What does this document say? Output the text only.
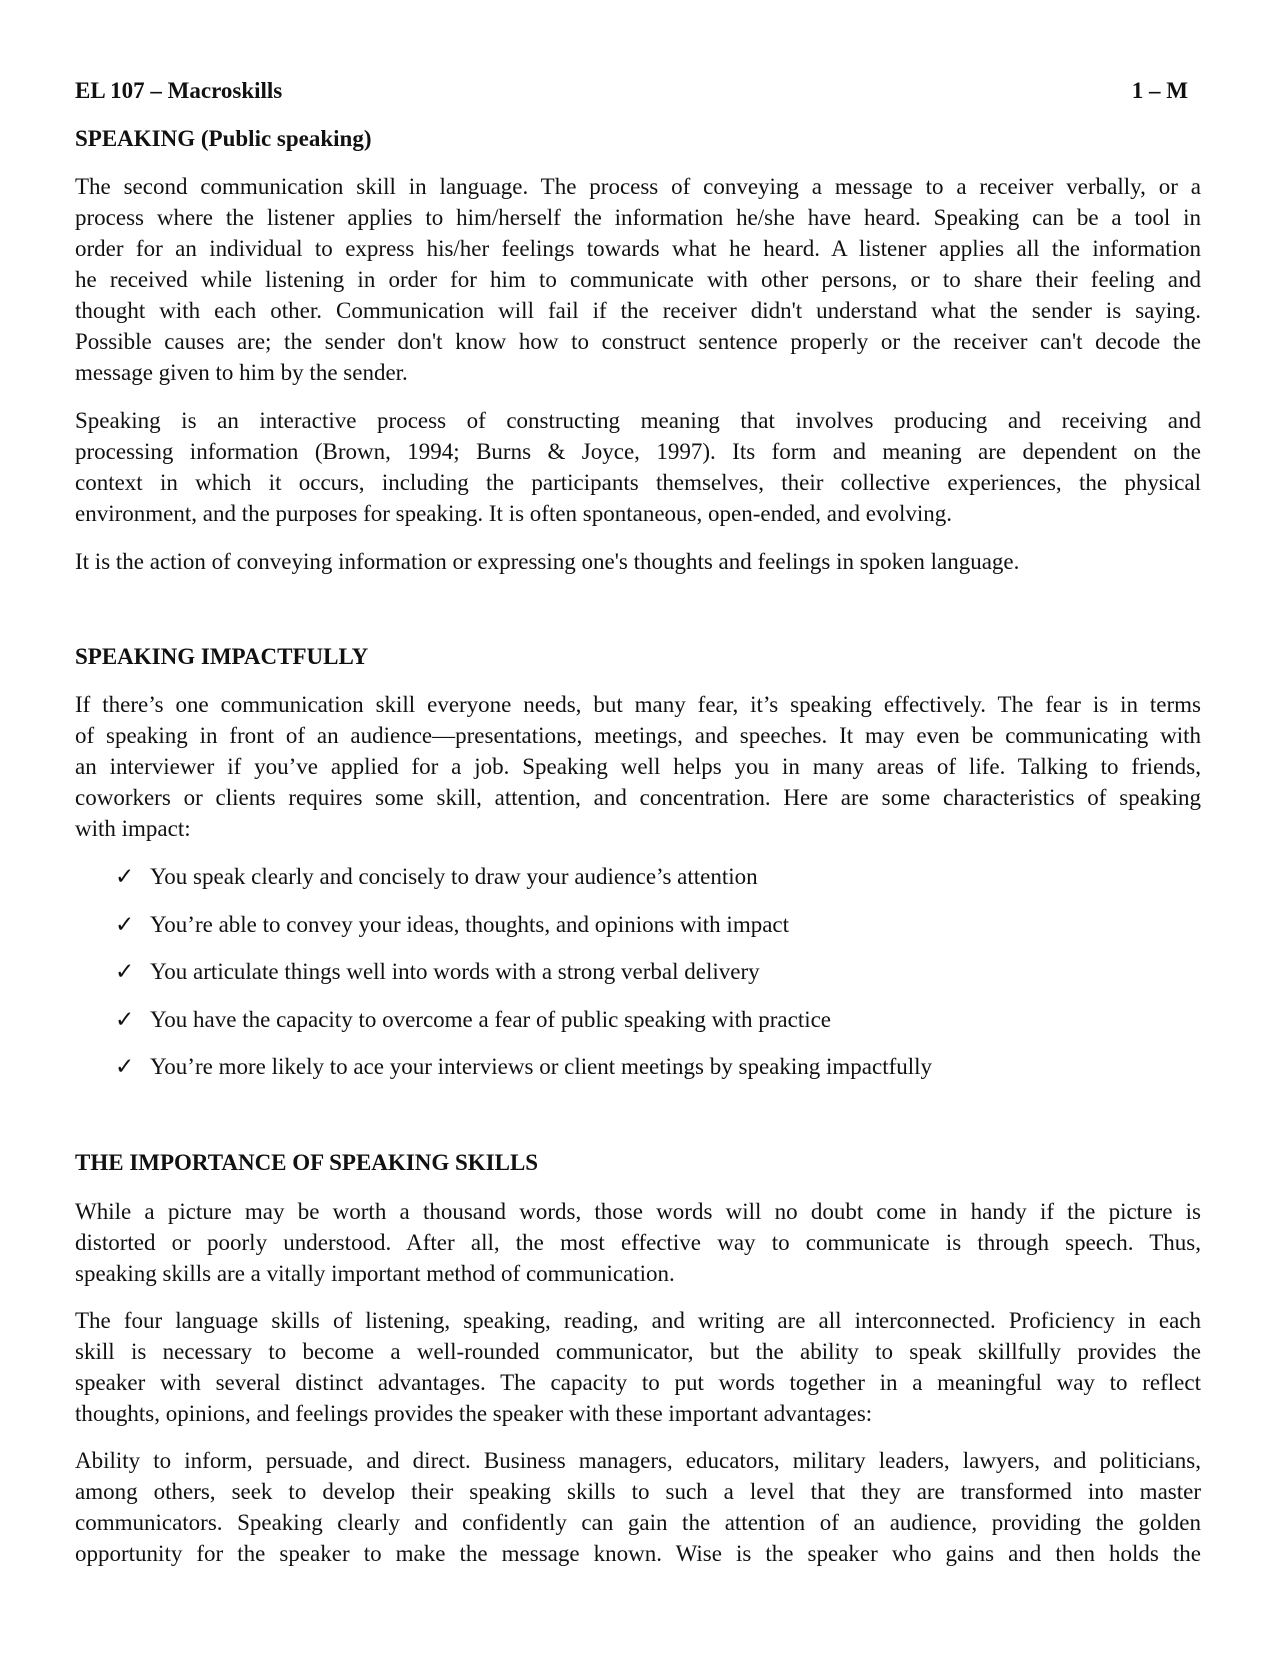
EL 107 – Macroskills	1 – M
SPEAKING (Public speaking)
The second communication skill in language. The process of conveying a message to a receiver verbally, or a
process where the listener applies to him/herself the information he/she have heard. Speaking can be a tool in
order for an individual to express his/her feelings towards what he heard. A listener applies all the information
he received while listening in order for him to communicate with other persons, or to share their feeling and
thought with each other. Communication will fail if the receiver didn't understand what the sender is saying.
Possible causes are; the sender don't know how to construct sentence properly or the receiver can't decode the
message given to him by the sender.
Speaking is an interactive process of constructing meaning that involves producing and receiving and
processing information (Brown, 1994; Burns & Joyce, 1997). Its form and meaning are dependent on the
context in which it occurs, including the participants themselves, their collective experiences, the physical
environment, and the purposes for speaking. It is often spontaneous, open-ended, and evolving.
It is the action of conveying information or expressing one's thoughts and feelings in spoken language.
SPEAKING IMPACTFULLY
If there’s one communication skill everyone needs, but many fear, it’s speaking effectively. The fear is in terms
of speaking in front of an audience—presentations, meetings, and speeches. It may even be communicating with
an interviewer if you’ve applied for a job. Speaking well helps you in many areas of life. Talking to friends,
coworkers or clients requires some skill, attention, and concentration. Here are some characteristics of speaking
with impact:
✓ You speak clearly and concisely to draw your audience’s attention
✓ You’re able to convey your ideas, thoughts, and opinions with impact
✓ You articulate things well into words with a strong verbal delivery
✓ You have the capacity to overcome a fear of public speaking with practice
✓ You’re more likely to ace your interviews or client meetings by speaking impactfully
THE IMPORTANCE OF SPEAKING SKILLS
While a picture may be worth a thousand words, those words will no doubt come in handy if the picture is
distorted or poorly understood. After all, the most effective way to communicate is through speech. Thus,
speaking skills are a vitally important method of communication.
The four language skills of listening, speaking, reading, and writing are all interconnected. Proficiency in each
skill is necessary to become a well-rounded communicator, but the ability to speak skillfully provides the
speaker with several distinct advantages. The capacity to put words together in a meaningful way to reflect
thoughts, opinions, and feelings provides the speaker with these important advantages:
Ability to inform, persuade, and direct. Business managers, educators, military leaders, lawyers, and politicians,
among others, seek to develop their speaking skills to such a level that they are transformed into master
communicators. Speaking clearly and confidently can gain the attention of an audience, providing the golden
opportunity for the speaker to make the message known. Wise is the speaker who gains and then holds the
